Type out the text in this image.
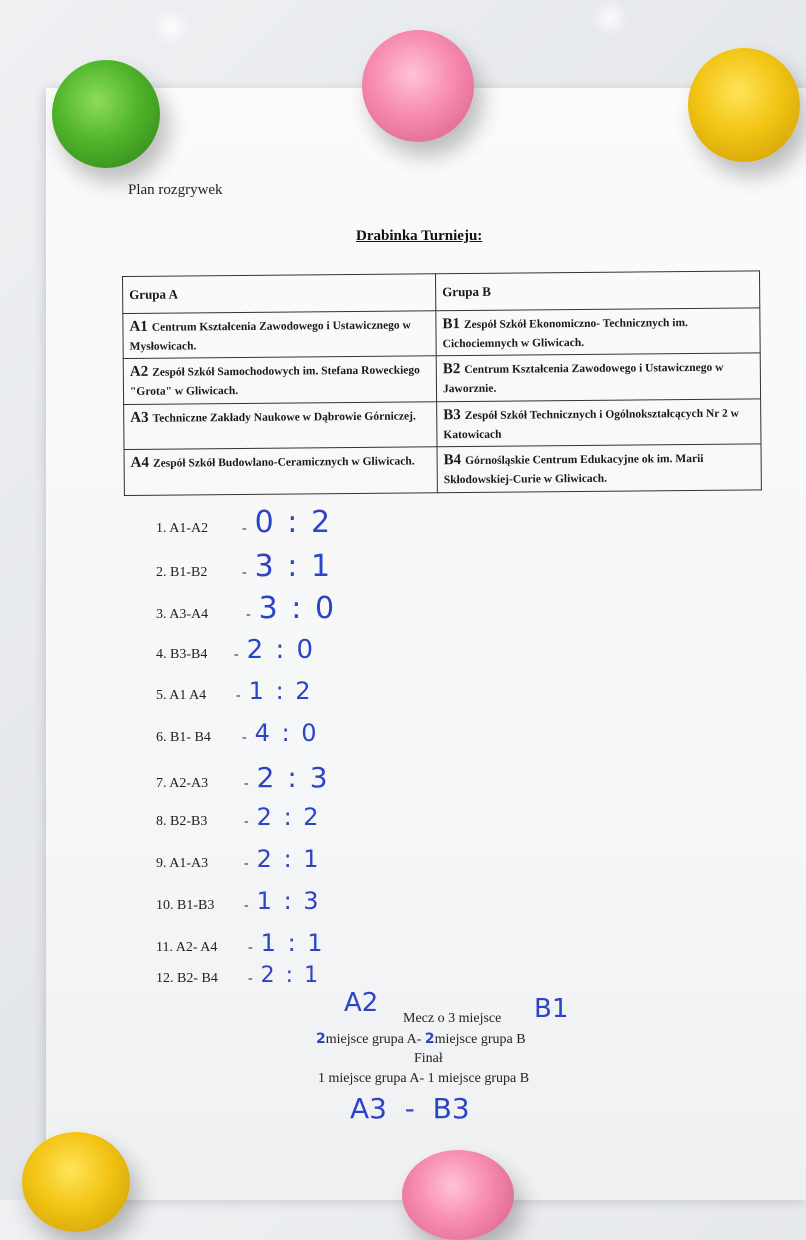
Plan rozgrywek
Drabinka Turnieju:
Grupa A	Grupa B
A1 Centrum Kształcenia Zawodowego i Ustawicznego w Mysłowicach.	B1 Zespół Szkół Ekonomiczno- Technicznych im. Cichociemnych w Gliwicach.
A2 Zespół Szkół Samochodowych im. Stefana Roweckiego "Grota" w Gliwicach.	B2 Centrum Kształcenia Zawodowego i Ustawicznego w Jaworznie.
A3 Techniczne Zakłady Naukowe w Dąbrowie Górniczej.	B3 Zespół Szkół Technicznych i Ogólnokształcących Nr 2 w Katowicach
A4 Zespół Szkół Budowlano-Ceramicznych w Gliwicach.	B4 Górnośląskie Centrum Edukacyjne ok im. Marii Skłodowskiej-Curie w Gliwicach.
1. A1-A2 - 0 : 2
2. B1-B2 - 3 : 1
3. A3-A4	- 3 : 0
4. B3-B4 - 2 : 0
5. A1 A4 - 1 : 2
6. B1- B4 - 4 : 0
7. A2-A3	- 2 : 3
8. B2-B3	- 2 : 2
9. A1-A3	- 2 : 1
10. B1-B3 - 1 : 3
11. A2- A4 - 1 : 1
12. B2- B4 - 2 : 1
A2
Mecz o 3 miejsce B1
2miejsce grupa A- 2miejsce grupa B
Finał
1 miejsce grupa A- 1 miejsce grupa B
A3  -  B3
